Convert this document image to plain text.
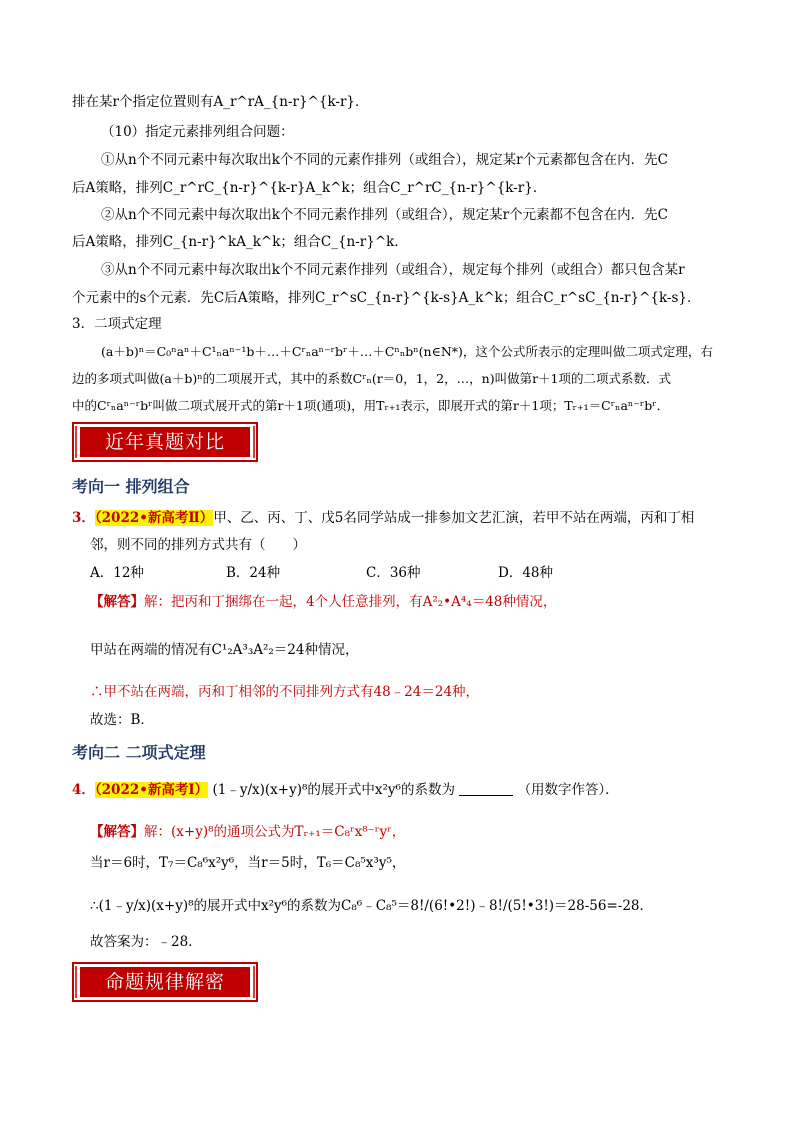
排在某r个指定位置则有A_r^rA_{n-r}^{k-r}．
（10）指定元素排列组合问题：
①从n个不同元素中每次取出k个不同的元素作排列（或组合），规定某r个元素都包含在内．先C
后A策略，排列C_r^rC_{n-r}^{k-r}A_k^k；组合C_r^rC_{n-r}^{k-r}．
②从n个不同元素中每次取出k个不同元素作排列（或组合），规定某r个元素都不包含在内．先C
后A策略，排列C_{n-r}^kA_k^k；组合C_{n-r}^k．
③从n个不同元素中每次取出k个不同元素作排列（或组合），规定每个排列（或组合）都只包含某r
个元素中的s个元素．先C后A策略，排列C_r^sC_{n-r}^{k-s}A_k^k；组合C_r^sC_{n-r}^{k-s}．
3．二项式定理
(a＋b)ⁿ＝C₀ⁿaⁿ＋C¹ₙaⁿ⁻¹b＋…＋Cʳₙaⁿ⁻ʳbʳ＋…＋Cⁿₙbⁿ(n∈N*)，这个公式所表示的定理叫做二项式定理，右
边的多项式叫做(a＋b)ⁿ的二项展开式，其中的系数Cʳₙ(r＝0，1，2，…，n)叫做第r＋1项的二项式系数．式
中的Cʳₙaⁿ⁻ʳbʳ叫做二项式展开式的第r＋1项(通项)，用Tᵣ₊₁表示，即展开式的第r＋1项；Tᵣ₊₁＝Cʳₙaⁿ⁻ʳbʳ．
近年真题对比
考向一 排列组合
3．（2022•新高考Ⅱ）甲、乙、丙、丁、戊5名同学站成一排参加文艺汇演，若甲不站在两端，丙和丁相
邻，则不同的排列方式共有（　　）
A．12种	B．24种	C．36种	D．48种
【解答】解：把丙和丁捆绑在一起，4个人任意排列，有A²₂•A⁴₄＝48种情况，
甲站在两端的情况有C¹₂A³₃A²₂＝24种情况，
∴甲不站在两端，丙和丁相邻的不同排列方式有48﹣24＝24种，
故选：B．
考向二 二项式定理
4．（2022•新高考Ⅰ） (1﹣y/x)(x+y)⁸的展开式中x²y⁶的系数为	（用数字作答）．
【解答】解：(x+y)⁸的通项公式为Tᵣ₊₁＝C₈ʳx⁸⁻ʳyʳ，
当r＝6时，T₇＝C₈⁶x²y⁶，当r＝5时，T₆＝C₈⁵x³y⁵，
∴(1﹣y/x)(x+y)⁸的展开式中x²y⁶的系数为C₈⁶﹣C₈⁵＝8!/(6!•2!)﹣8!/(5!•3!)＝28-56=-28．
故答案为：﹣28．
命题规律解密
